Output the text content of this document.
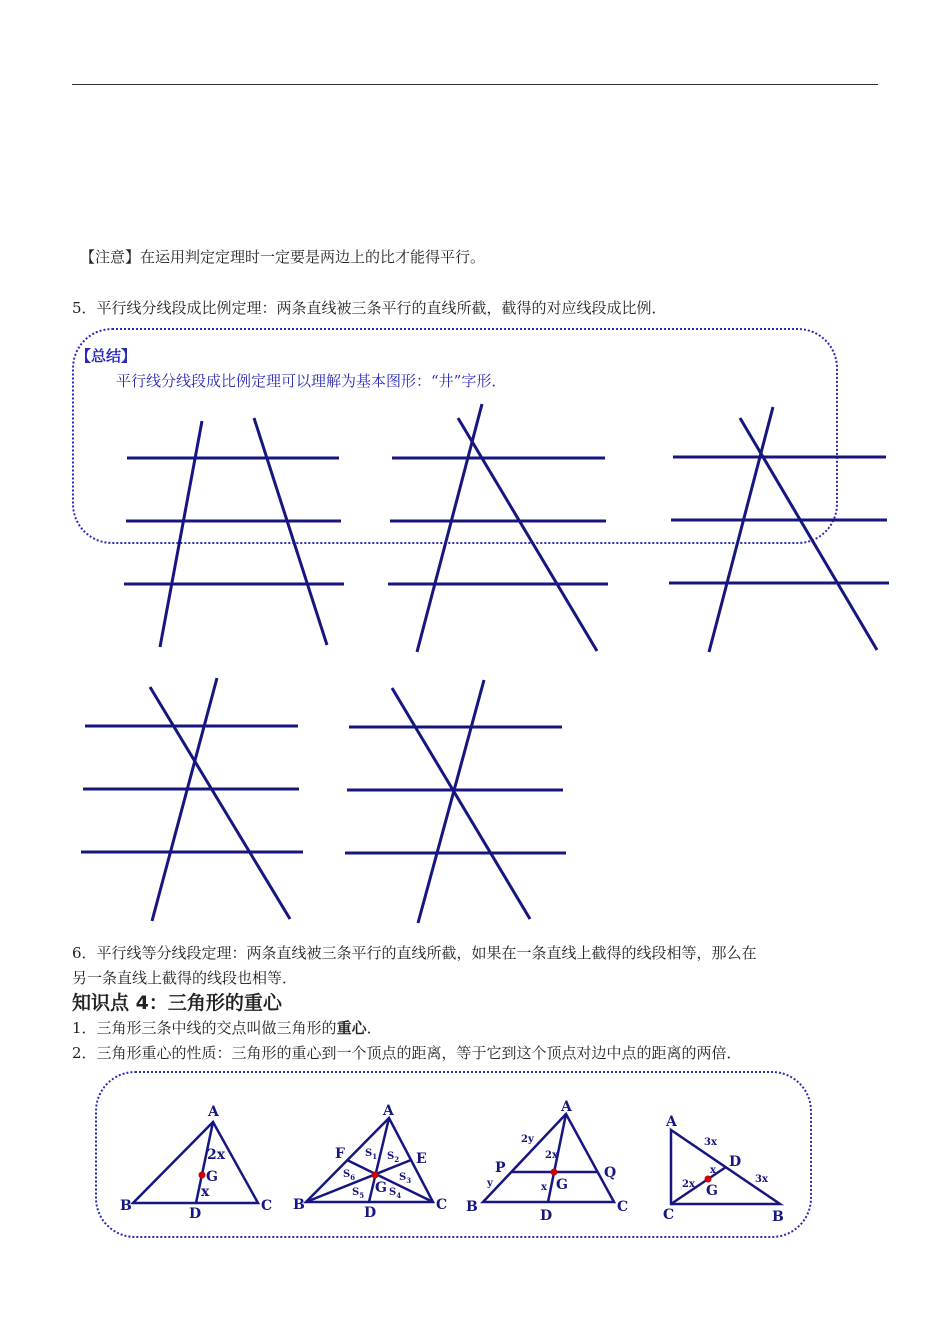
【注意】在运用判定定理时一定要是两边上的比才能得平行。
5．平行线分线段成比例定理：两条直线被三条平行的直线所截，截得的对应线段成比例．
【总结】
平行线分线段成比例定理可以理解为基本图形：“井”字形．
6．平行线等分线段定理：两条直线被三条平行的直线所截，如果在一条直线上截得的线段相等，那么在
另一条直线上截得的线段也相等．
知识点 4：三角形的重心
1．三角形三条中线的交点叫做三角形的重心．
2．三角形重心的性质：三角形的重心到一个顶点的距离，等于它到这个顶点对边中点的距离的两倍．
A
B	C
D
G
2x
x
A
B	C
D
E
F
G
$S_1$ $S_2$
$S_3$
$S_4$
$S_5$
$S_6$
A
B	C
D
P	Q
G
2y
y
2x
x
A
B
C
D
G
3x
3x
2x
x
